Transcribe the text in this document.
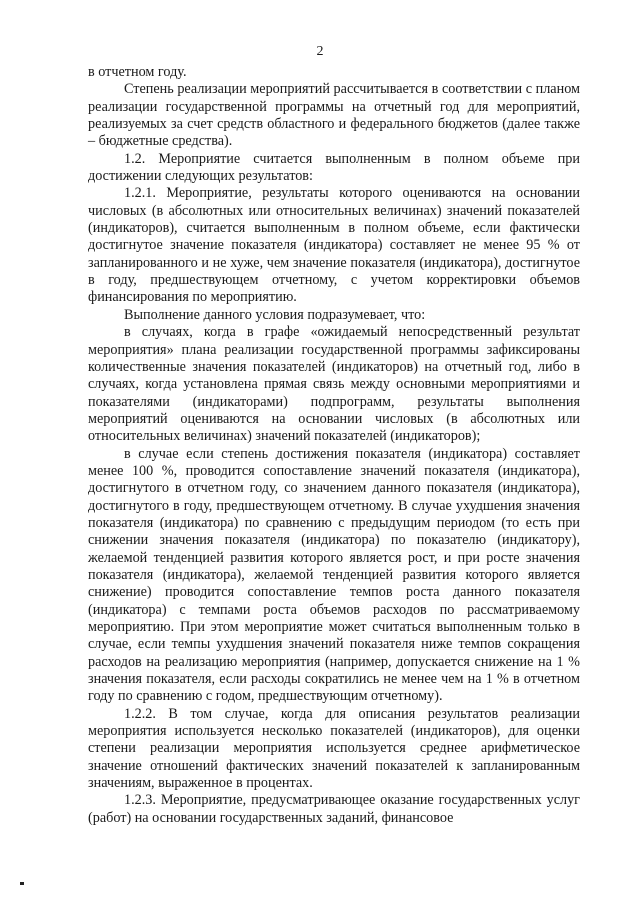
2

в отчетном году.

Степень реализации мероприятий рассчитывается в соответствии с планом реализации государственной программы на отчетный год для мероприятий, реализуемых за счет средств областного и федерального бюджетов (далее также – бюджетные средства).

1.2. Мероприятие считается выполненным в полном объеме при достижении следующих результатов:

1.2.1. Мероприятие, результаты которого оцениваются на основании числовых (в абсолютных или относительных величинах) значений показателей (индикаторов), считается выполненным в полном объеме, если фактически достигнутое значение показателя (индикатора) составляет не менее 95 % от запланированного и не хуже, чем значение показателя (индикатора), достигнутое в году, предшествующем отчетному, с учетом корректировки объемов финансирования по мероприятию.

Выполнение данного условия подразумевает, что:

в случаях, когда в графе «ожидаемый непосредственный результат мероприятия» плана реализации государственной программы зафиксированы количественные значения показателей (индикаторов) на отчетный год, либо в случаях, когда установлена прямая связь между основными мероприятиями и показателями (индикаторами) подпрограмм, результаты выполнения мероприятий оцениваются на основании числовых (в абсолютных или относительных величинах) значений показателей (индикаторов);

в случае если степень достижения показателя (индикатора) составляет менее 100 %, проводится сопоставление значений показателя (индикатора), достигнутого в отчетном году, со значением данного показателя (индикатора), достигнутого в году, предшествующем отчетному. В случае ухудшения значения показателя (индикатора) по сравнению с предыдущим периодом (то есть при снижении значения показателя (индикатора) по показателю (индикатору), желаемой тенденцией развития которого является рост, и при росте значения показателя (индикатора), желаемой тенденцией развития которого является снижение) проводится сопоставление темпов роста данного показателя (индикатора) с темпами роста объемов расходов по рассматриваемому мероприятию. При этом мероприятие может считаться выполненным только в случае, если темпы ухудшения значений показателя ниже темпов сокращения расходов на реализацию мероприятия (например, допускается снижение на 1 % значения показателя, если расходы сократились не менее чем на 1 % в отчетном году по сравнению с годом, предшествующим отчетному).

1.2.2. В том случае, когда для описания результатов реализации мероприятия используется несколько показателей (индикаторов), для оценки степени реализации мероприятия используется среднее арифметическое значение отношений фактических значений показателей к запланированным значениям, выраженное в процентах.

1.2.3. Мероприятие, предусматривающее оказание государственных услуг (работ) на основании государственных заданий, финансовое
